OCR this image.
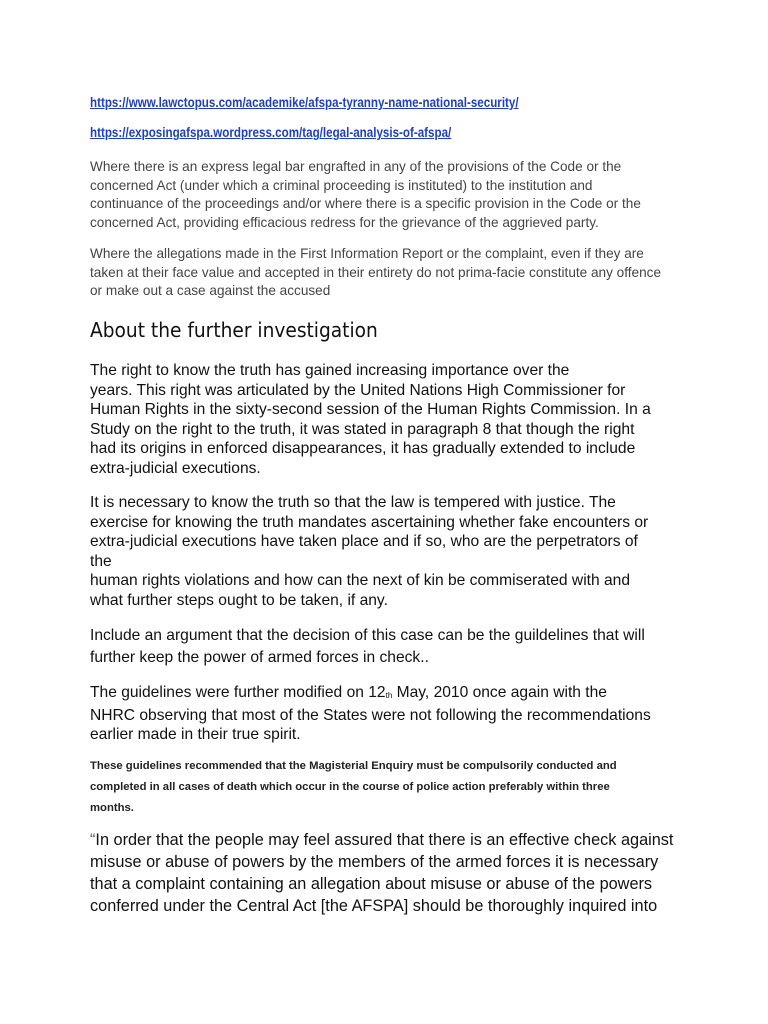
https://www.lawctopus.com/academike/afspa-tyranny-name-national-security/
https://exposingafspa.wordpress.com/tag/legal-analysis-of-afspa/
Where there is an express legal bar engrafted in any of the provisions of the Code or the
concerned Act (under which a criminal proceeding is instituted) to the institution and
continuance of the proceedings and/or where there is a specific provision in the Code or the
concerned Act, providing efficacious redress for the grievance of the aggrieved party.
Where the allegations made in the First Information Report or the complaint, even if they are
taken at their face value and accepted in their entirety do not prima-facie constitute any offence
or make out a case against the accused
About the further investigation
The right to know the truth has gained increasing importance over the
years. This right was articulated by the United Nations High Commissioner for
Human Rights in the sixty-second session of the Human Rights Commission. In a
Study on the right to the truth, it was stated in paragraph 8 that though the right
had its origins in enforced disappearances, it has gradually extended to include
extra-judicial executions.
It is necessary to know the truth so that the law is tempered with justice. The
exercise for knowing the truth mandates ascertaining whether fake encounters or
extra-judicial executions have taken place and if so, who are the perpetrators of
the
human rights violations and how can the next of kin be commiserated with and
what further steps ought to be taken, if any.
Include an argument that the decision of this case can be the guildelines that will
further keep the power of armed forces in check..
The guidelines were further modified on $12_{th}$ May, 2010 once again with the
NHRC observing that most of the States were not following the recommendations
earlier made in their true spirit.
These guidelines recommended that the Magisterial Enquiry must be compulsorily conducted and
completed in all cases of death which occur in the course of police action preferably within three
months.
“In order that the people may feel assured that there is an effective check against
misuse or abuse of powers by the members of the armed forces it is necessary
that a complaint containing an allegation about misuse or abuse of the powers
conferred under the Central Act [the AFSPA] should be thoroughly inquired into
